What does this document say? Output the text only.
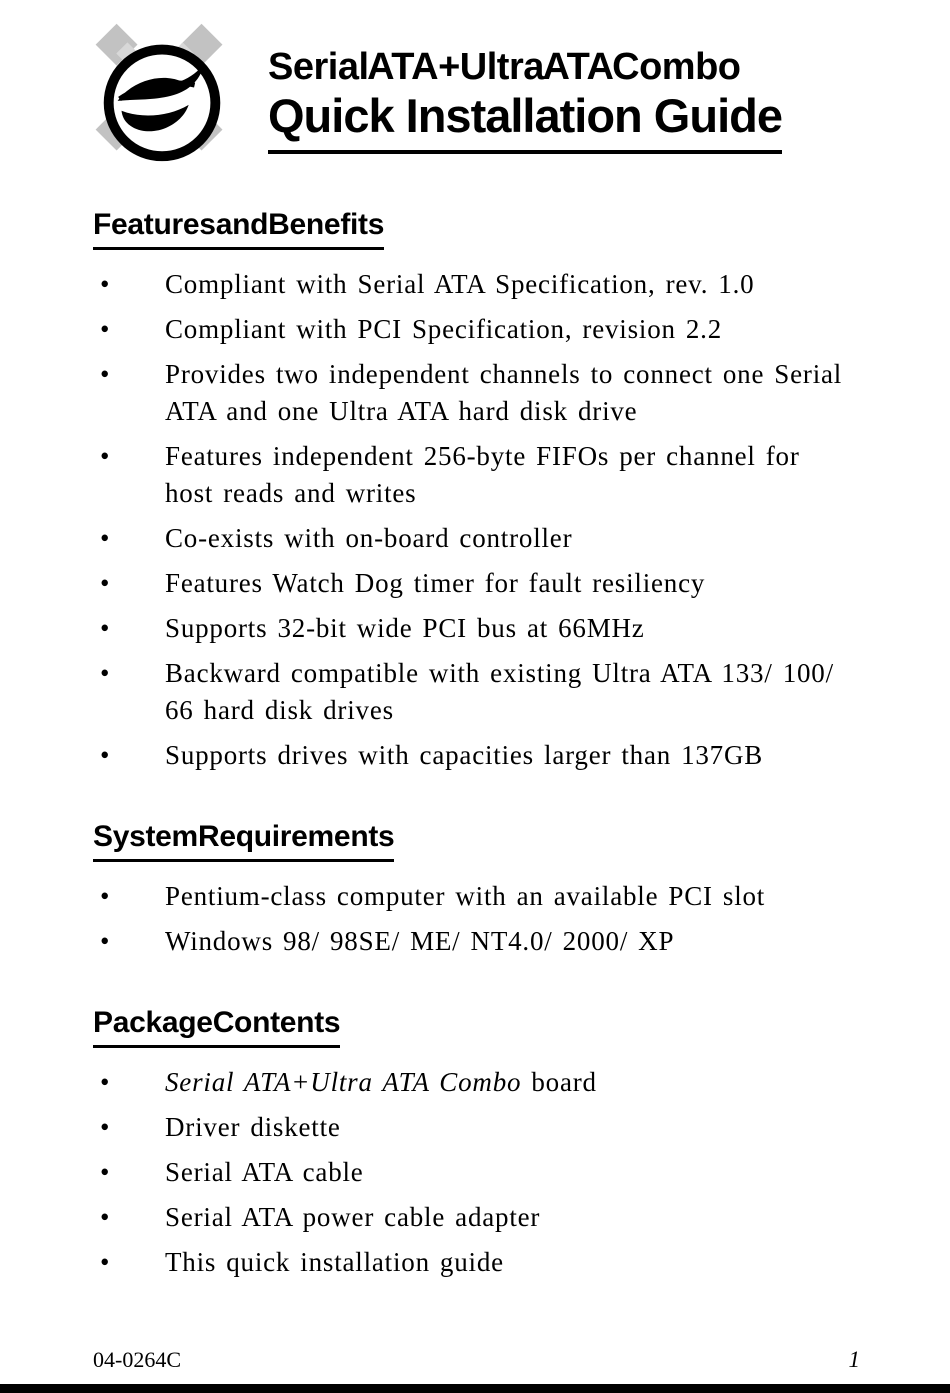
Serial ATA+Ultra ATA Combo
Quick Installation Guide
Features and Benefits
•	Compliant with Serial ATA Specification, rev. 1.0
•	Compliant with PCI Specification, revision 2.2
•	Provides two independent channels to connect one Serial ATA and one Ultra ATA hard disk drive
•	Features independent 256-byte FIFOs per channel for host reads and writes
•	Co-exists with on-board controller
•	Features Watch Dog timer for fault resiliency
•	Supports 32-bit wide PCI bus at 66MHz
•	Backward compatible with existing Ultra ATA 133/ 100/ 66 hard disk drives
•	Supports drives with capacities larger than 137GB
System Requirements
•	Pentium-class computer with an available PCI slot
•	Windows 98/ 98SE/ ME/ NT4.0/ 2000/ XP
Package Contents
•	Serial ATA+Ultra ATA Combo board
•	Driver diskette
•	Serial ATA cable
•	Serial ATA power cable adapter
•	This quick installation guide
04-0264C	1
